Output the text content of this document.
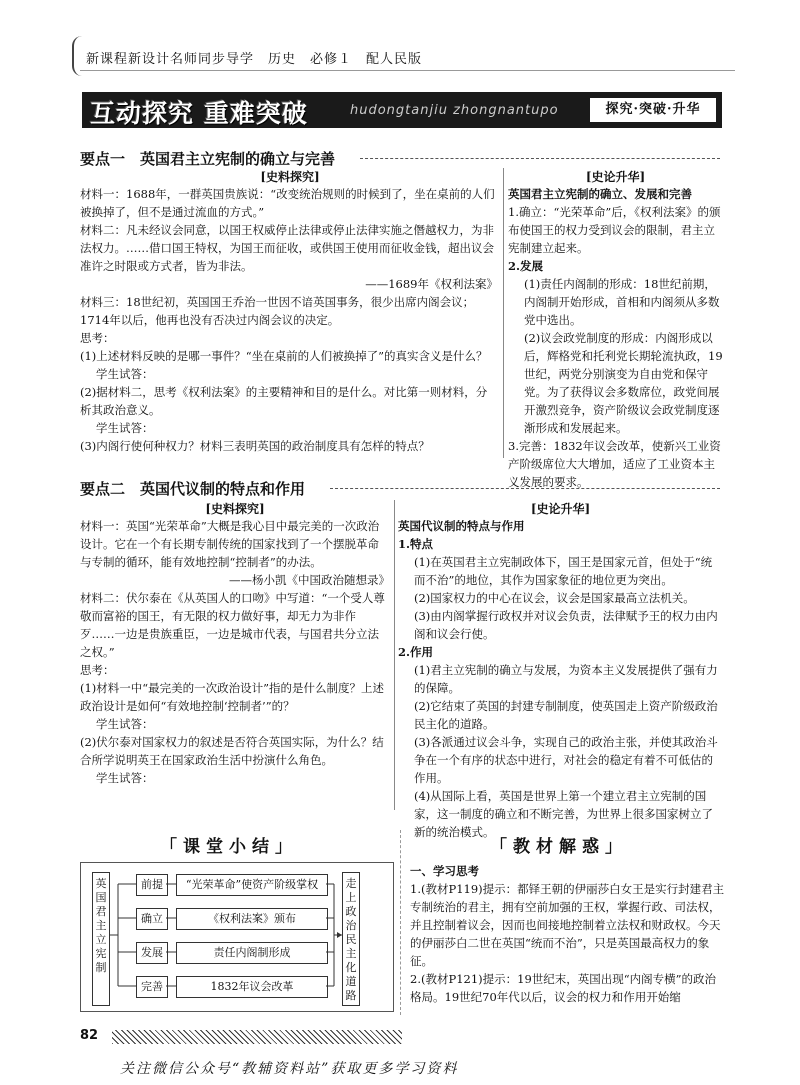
新课程新设计名师同步导学　历史　必修１　配人民版
互动探究 重难突破	hudongtanjiu zhongnantupo	探究·突破·升华
要点一　英国君主立宪制的确立与完善
[史料探究]

材料一：1688年，一群英国贵族说：“改变统治规则的时候到了，坐在桌前的人们被换掉了，但不是通过流血的方式。”

材料二：凡未经议会同意，以国王权威停止法律或停止法律实施之僭越权力，为非法权力。……借口国王特权，为国王而征收，或供国王使用而征收金钱，超出议会准许之时限或方式者，皆为非法。

——1689年《权利法案》

材料三：18世纪初，英国国王乔治一世因不谙英国事务，很少出席内阁会议；1714年以后，他再也没有否决过内阁会议的决定。

思考：

(1)上述材料反映的是哪一事件？“坐在桌前的人们被换掉了”的真实含义是什么？

学生试答：

(2)据材料二，思考《权利法案》的主要精神和目的是什么。对比第一则材料，分析其政治意义。

学生试答：

(3)内阁行使何种权力？材料三表明英国的政治制度具有怎样的特点？

[史论升华]

英国君主立宪制的确立、发展和完善

1.确立：“光荣革命”后，《权利法案》的颁布使国王的权力受到议会的限制，君主立宪制建立起来。

2.发展

(1)责任内阁制的形成：18世纪前期，内阁制开始形成，首相和内阁须从多数党中选出。

(2)议会政党制度的形成：内阁形成以后，辉格党和托利党长期轮流执政，19世纪，两党分别演变为自由党和保守党。为了获得议会多数席位，政党间展开激烈竞争，资产阶级议会政党制度逐渐形成和发展起来。

3.完善：1832年议会改革，使新兴工业资产阶级席位大大增加，适应了工业资本主义发展的要求。

要点二　英国代议制的特点和作用
[史料探究]

材料一：英国“光荣革命”大概是我心目中最完美的一次政治设计。它在一个有长期专制传统的国家找到了一个摆脱革命与专制的循环，能有效地控制“控制者”的办法。

——杨小凯《中国政治随想录》

材料二：伏尔泰在《从英国人的口吻》中写道：“一个受人尊敬而富裕的国王，有无限的权力做好事，却无力为非作歹……一边是贵族重臣，一边是城市代表，与国君共分立法之权。”

思考：

(1)材料一中“最完美的一次政治设计”指的是什么制度？上述政治设计是如何“有效地控制‘控制者’”的？

学生试答：

(2)伏尔泰对国家权力的叙述是否符合英国实际，为什么？结合所学说明英王在国家政治生活中扮演什么角色。

学生试答：

[史论升华]

英国代议制的特点与作用

1.特点

(1)在英国君主立宪制政体下，国王是国家元首，但处于“统而不治”的地位，其作为国家象征的地位更为突出。

(2)国家权力的中心在议会，议会是国家最高立法机关。

(3)由内阁掌握行政权并对议会负责，法律赋予王的权力由内阁和议会行使。

2.作用

(1)君主立宪制的确立与发展，为资本主义发展提供了强有力的保障。

(2)它结束了英国的封建专制制度，使英国走上资产阶级政治民主化的道路。

(3)各派通过议会斗争，实现自己的政治主张，并使其政治斗争在一个有序的状态中进行，对社会的稳定有着不可低估的作用。

(4)从国际上看，英国是世界上第一个建立君主立宪制的国家，这一制度的确立和不断完善，为世界上很多国家树立了新的统治模式。

「课堂小结」
英国君主立宪制
走上政治民主化道路
前提	“光荣革命”使资产阶级掌权
确立	《权利法案》颁布
发展	责任内阁制形成
完善	1832年议会改革
「教材解惑」

一、学习思考

1.(教材P119)提示：都铎王朝的伊丽莎白女王是实行封建君主专制统治的君主，拥有空前加强的王权，掌握行政、司法权，并且控制着议会，因而也间接地控制着立法权和财政权。今天的伊丽莎白二世在英国“统而不治”，只是英国最高权力的象征。

2.(教材P121)提示：19世纪末，英国出现“内阁专横”的政治格局。19世纪70年代以后，议会的权力和作用开始缩

82
关注微信公众号“教辅资料站”获取更多学习资料
